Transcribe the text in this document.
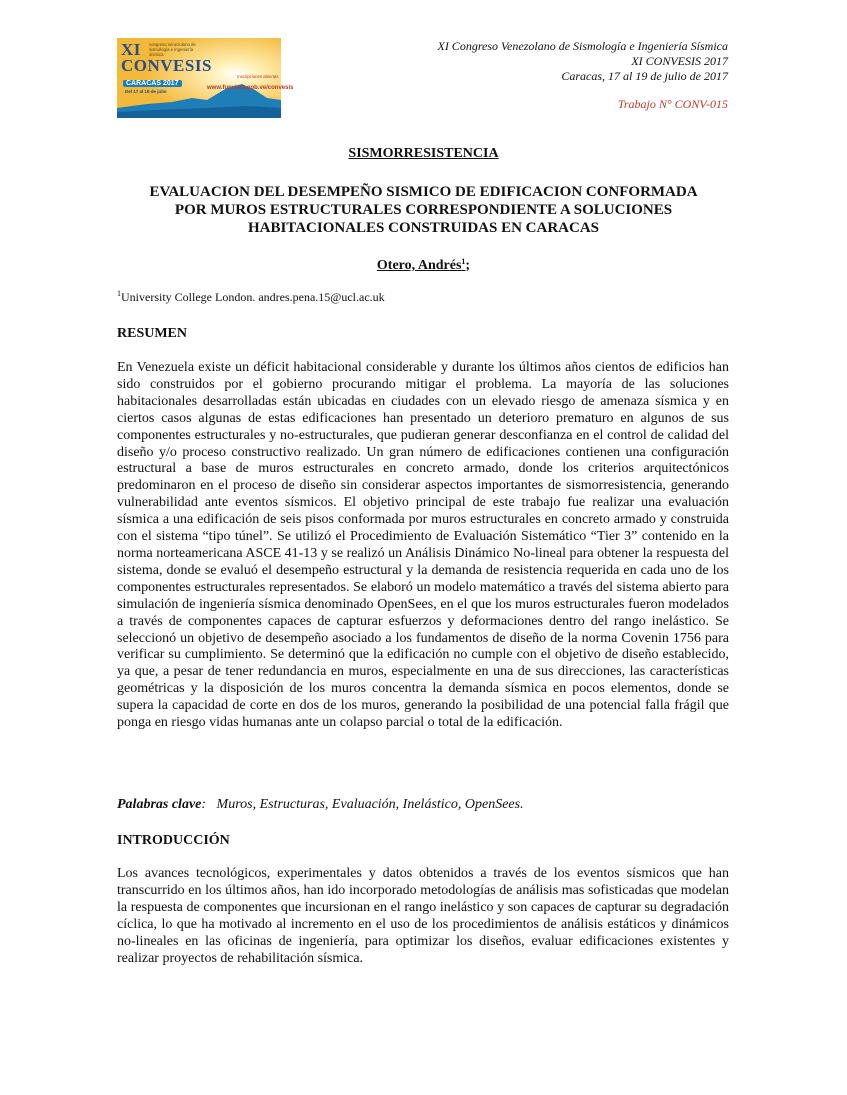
XI
CONVESIS
congreso venezolano de sismología e ingeniería sísmica
CARACAS 2017
Del 17 al 19 de julio
Inscripciones abiertas
www.funvisis.gob.ve/convesis
XI Congreso Venezolano de Sismología e Ingeniería Sísmica
XI CONVESIS 2017
Caracas, 17 al 19 de julio de 2017
Trabajo N° CONV-015
SISMORRESISTENCIA
EVALUACION DEL DESEMPEÑO SISMICO DE EDIFICACION CONFORMADA
POR MUROS ESTRUCTURALES CORRESPONDIENTE A SOLUCIONES
HABITACIONALES CONSTRUIDAS EN CARACAS
Otero, Andrés$^1$;
$^1$University College London. andres.pena.15@ucl.ac.uk
RESUMEN
En Venezuela existe un déficit habitacional considerable y durante los últimos años cientos de edificios han sido construidos por el gobierno procurando mitigar el problema. La mayoría de las soluciones habitacionales desarrolladas están ubicadas en ciudades con un elevado riesgo de amenaza sísmica y en ciertos casos algunas de estas edificaciones han presentado un deterioro prematuro en algunos de sus componentes estructurales y no-estructurales, que pudieran generar desconfianza en el control de calidad del diseño y/o proceso constructivo realizado. Un gran número de edificaciones contienen una configuración estructural a base de muros estructurales en concreto armado, donde los criterios arquitectónicos predominaron en el proceso de diseño sin considerar aspectos importantes de sismorresistencia, generando vulnerabilidad ante eventos sísmicos. El objetivo principal de este trabajo fue realizar una evaluación sísmica a una edificación de seis pisos conformada por muros estructurales en concreto armado y construida con el sistema “tipo túnel”. Se utilizó el Procedimiento de Evaluación Sistemático “Tier 3” contenido en la norma norteamericana ASCE 41-13 y se realizó un Análisis Dinámico No-lineal para obtener la respuesta del sistema, donde se evaluó el desempeño estructural y la demanda de resistencia requerida en cada uno de los componentes estructurales representados. Se elaboró un modelo matemático a través del sistema abierto para simulación de ingeniería sísmica denominado OpenSees, en el que los muros estructurales fueron modelados a través de componentes capaces de capturar esfuerzos y deformaciones dentro del rango inelástico. Se seleccionó un objetivo de desempeño asociado a los fundamentos de diseño de la norma Covenin 1756 para verificar su cumplimiento. Se determinó que la edificación no cumple con el objetivo de diseño establecido, ya que, a pesar de tener redundancia en muros, especialmente en una de sus direcciones, las características geométricas y la disposición de los muros concentra la demanda sísmica en pocos elementos, donde se supera la capacidad de corte en dos de los muros, generando la posibilidad de una potencial falla frágil que ponga en riesgo vidas humanas ante un colapso parcial o total de la edificación.
Palabras clave: Muros, Estructuras, Evaluación, Inelástico, OpenSees.
INTRODUCCIÓN
Los avances tecnológicos, experimentales y datos obtenidos a través de los eventos sísmicos que han transcurrido en los últimos años, han ido incorporado metodologías de análisis mas sofisticadas que modelan la respuesta de componentes que incursionan en el rango inelástico y son capaces de capturar su degradación cíclica, lo que ha motivado al incremento en el uso de los procedimientos de análisis estáticos y dinámicos no-lineales en las oficinas de ingeniería, para optimizar los diseños, evaluar edificaciones existentes y realizar proyectos de rehabilitación sísmica.
